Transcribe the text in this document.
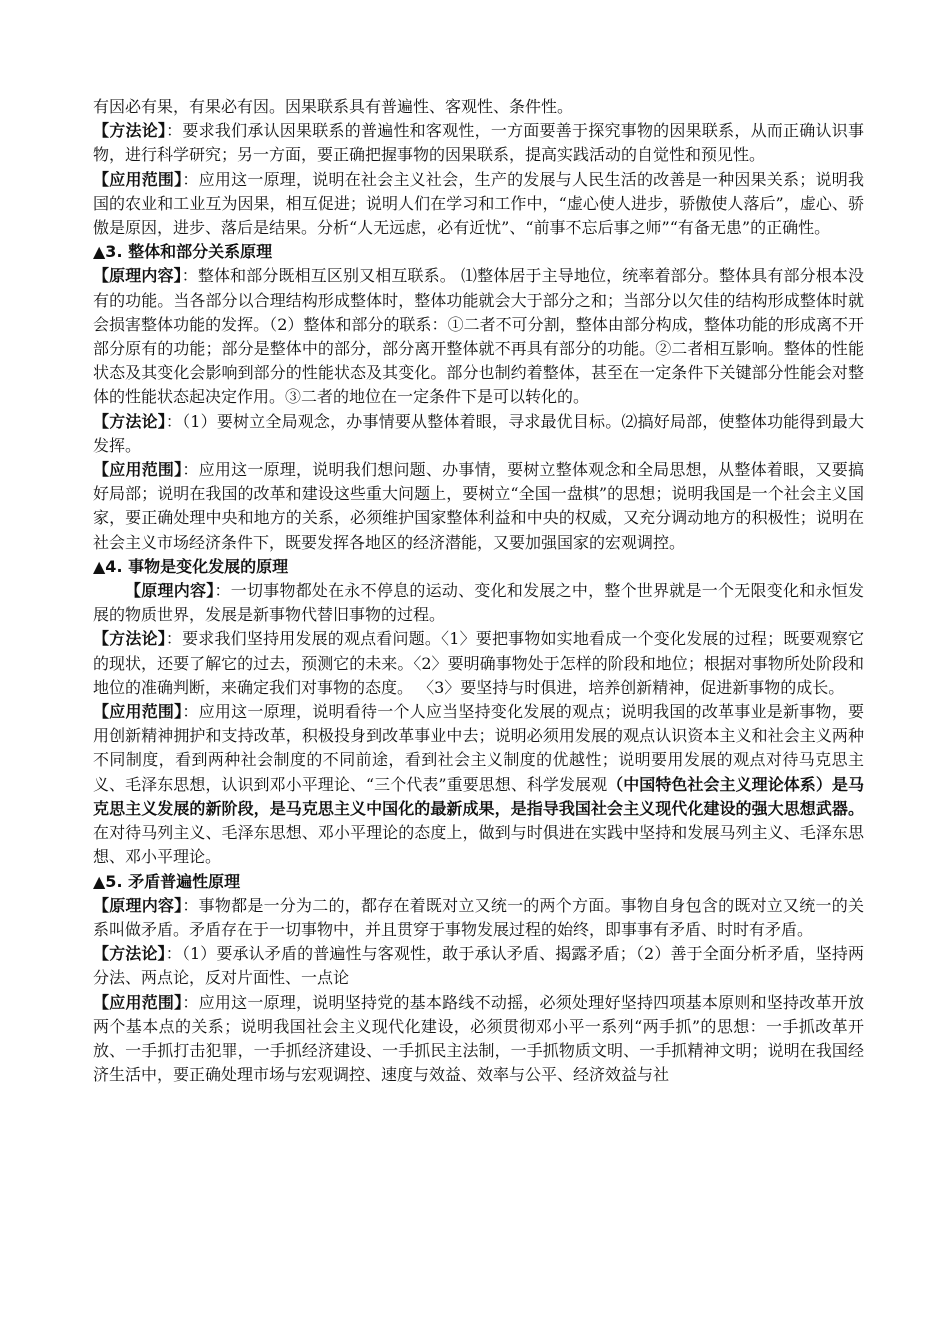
有因必有果，有果必有因。因果联系具有普遍性、客观性、条件性。

【方法论】：要求我们承认因果联系的普遍性和客观性，一方面要善于探究事物的因果联系，从而正确认识事物，进行科学研究；另一方面，要正确把握事物的因果联系，提高实践活动的自觉性和预见性。

【应用范围】：应用这一原理，说明在社会主义社会，生产的发展与人民生活的改善是一种因果关系；说明我国的农业和工业互为因果，相互促进；说明人们在学习和工作中，“虚心使人进步，骄傲使人落后”，虚心、骄傲是原因，进步、落后是结果。分析“人无远虑，必有近忧”、“前事不忘后事之师”“有备无患”的正确性。

▲3. 整体和部分关系原理

【原理内容】：整体和部分既相互区别又相互联系。 ⑴整体居于主导地位，统率着部分。整体具有部分根本没有的功能。当各部分以合理结构形成整体时，整体功能就会大于部分之和；当部分以欠佳的结构形成整体时就会损害整体功能的发挥。（2）整体和部分的联系：①二者不可分割，整体由部分构成，整体功能的形成离不开部分原有的功能；部分是整体中的部分，部分离开整体就不再具有部分的功能。②二者相互影响。整体的性能状态及其变化会影响到部分的性能状态及其变化。部分也制约着整体，甚至在一定条件下关键部分性能会对整体的性能状态起决定作用。③二者的地位在一定条件下是可以转化的。

【方法论】：（1）要树立全局观念，办事情要从整体着眼，寻求最优目标。⑵搞好局部，使整体功能得到最大发挥。

【应用范围】：应用这一原理，说明我们想问题、办事情，要树立整体观念和全局思想，从整体着眼，又要搞好局部；说明在我国的改革和建设这些重大问题上，要树立“全国一盘棋”的思想；说明我国是一个社会主义国家，要正确处理中央和地方的关系，必须维护国家整体利益和中央的权威，又充分调动地方的积极性；说明在社会主义市场经济条件下，既要发挥各地区的经济潜能，又要加强国家的宏观调控。

▲4. 事物是变化发展的原理

【原理内容】：一切事物都处在永不停息的运动、变化和发展之中，整个世界就是一个无限变化和永恒发展的物质世界，发展是新事物代替旧事物的过程。

【方法论】：要求我们坚持用发展的观点看问题。〈1〉要把事物如实地看成一个变化发展的过程；既要观察它的现状，还要了解它的过去，预测它的未来。〈2〉要明确事物处于怎样的阶段和地位；根据对事物所处阶段和地位的准确判断，来确定我们对事物的态度。 〈3〉要坚持与时俱进，培养创新精神，促进新事物的成长。

【应用范围】：应用这一原理，说明看待一个人应当坚持变化发展的观点；说明我国的改革事业是新事物，要用创新精神拥护和支持改革，积极投身到改革事业中去；说明必须用发展的观点认识资本主义和社会主义两种不同制度，看到两种社会制度的不同前途，看到社会主义制度的优越性；说明要用发展的观点对待马克思主义、毛泽东思想，认识到邓小平理论、“三个代表”重要思想、科学发展观（中国特色社会主义理论体系）是马克思主义发展的新阶段，是马克思主义中国化的最新成果，是指导我国社会主义现代化建设的强大思想武器。在对待马列主义、毛泽东思想、邓小平理论的态度上，做到与时俱进在实践中坚持和发展马列主义、毛泽东思想、邓小平理论。

▲5. 矛盾普遍性原理

【原理内容】：事物都是一分为二的，都存在着既对立又统一的两个方面。事物自身包含的既对立又统一的关系叫做矛盾。矛盾存在于一切事物中，并且贯穿于事物发展过程的始终，即事事有矛盾、时时有矛盾。

【方法论】：（1）要承认矛盾的普遍性与客观性，敢于承认矛盾、揭露矛盾；（2）善于全面分析矛盾，坚持两分法、两点论，反对片面性、一点论

【应用范围】：应用这一原理，说明坚持党的基本路线不动摇，必须处理好坚持四项基本原则和坚持改革开放两个基本点的关系；说明我国社会主义现代化建设，必须贯彻邓小平一系列“两手抓”的思想：一手抓改革开放、一手抓打击犯罪，一手抓经济建设、一手抓民主法制，一手抓物质文明、一手抓精神文明；说明在我国经济生活中，要正确处理市场与宏观调控、速度与效益、效率与公平、经济效益与社
